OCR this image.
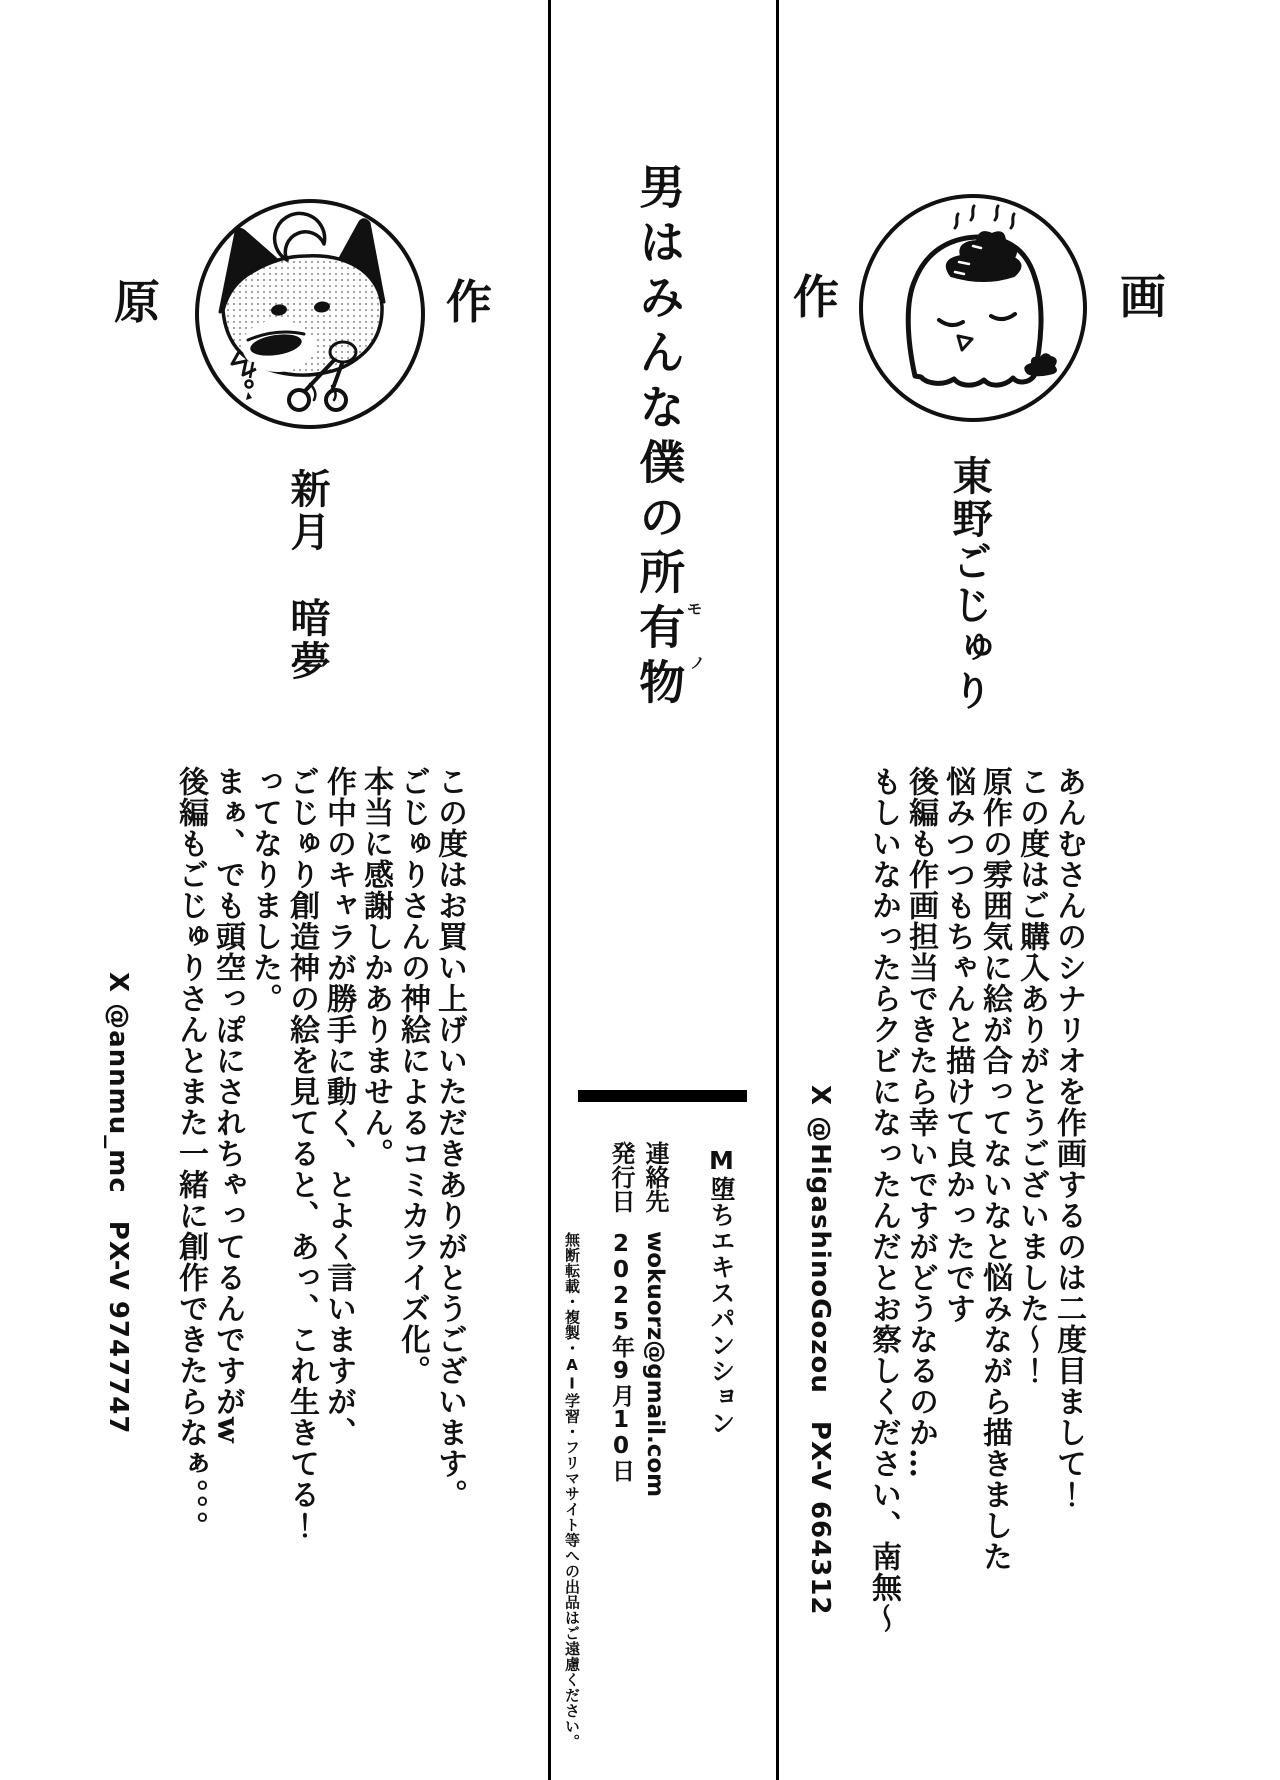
作	画
東野ごじゅり

あんむさんのシナリオを作画するのは二度目まして！

この度はご購入ありがとうございました～！

原作の雰囲気に絵が合ってないなと悩みながら描きました

悩みつつもちゃんと描けて良かったです

後編も作画担当できたら幸いですがどうなるのか…

もしいなかったらクビになったんだとお察しください、南無～

X @HigashinoGozou　PX-V 664312
男はみんな僕の所有物 モ
ノ
M堕ちエキスパンション
連絡先wokuorz@gmail.com
発行日2025年9月10日
無断転載・複製・AI学習・フリマサイト等への出品はご遠慮ください。
原	作
新月　暗夢

この度はお買い上げいただきありがとうございます。

ごじゅりさんの神絵によるコミカライズ化。

本当に感謝しかありません。

作中のキャラが勝手に動く、とよく言いますが、

ごじゅり創造神の絵を見てると、あっ、これ生きてる！

ってなりました。

まぁ、でも頭空っぽにされちゃってるんですがw

後編もごじゅりさんとまた一緒に創作できたらなぁ。。。

X @annmu_mc　PX-V 9747747
